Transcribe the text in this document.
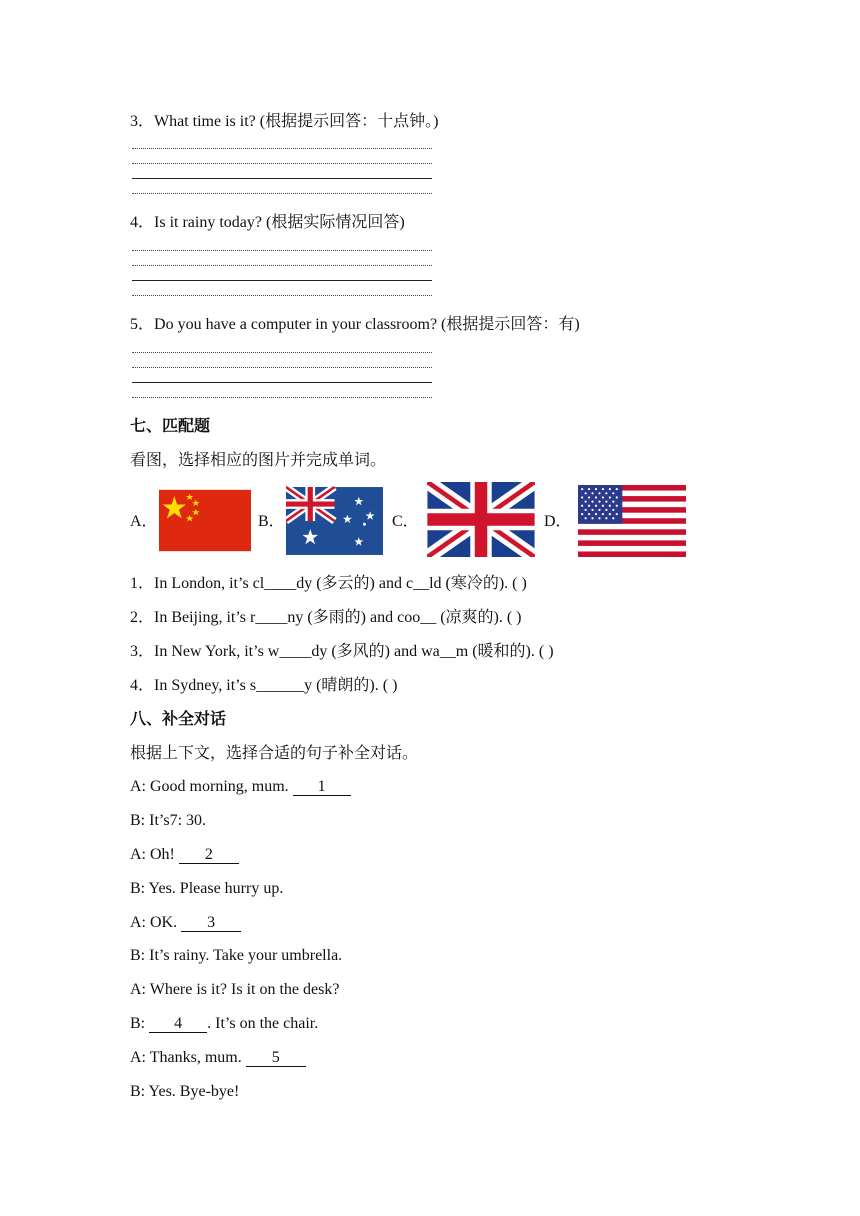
3．What time is it? (根据提示回答：十点钟。)
4．Is it rainy today? (根据实际情况回答)
5．Do you have a computer in your classroom? (根据提示回答：有)
七、匹配题
看图，选择相应的图片并完成单词。
A．	B．	C．	D．
1．In London, it’s cl____dy (多云的) and c__ld (寒冷的). ( )
2．In Beijing, it’s r____ny (多雨的) and coo__ (凉爽的). ( )
3．In New York, it’s w____dy (多风的) and wa__m (暖和的). ( )
4．In Sydney, it’s s______y (晴朗的). ( )
八、补全对话
根据上下文，选择合适的句子补全对话。
A: Good morning, mum. 1
B: It’s7: 30.
A: Oh! 2
B: Yes. Please hurry up.
A: OK. 3
B: It’s rainy. Take your umbrella.
A: Where is it? Is it on the desk?
B: 4 . It’s on the chair.
A: Thanks, mum. 5
B: Yes. Bye-bye!
